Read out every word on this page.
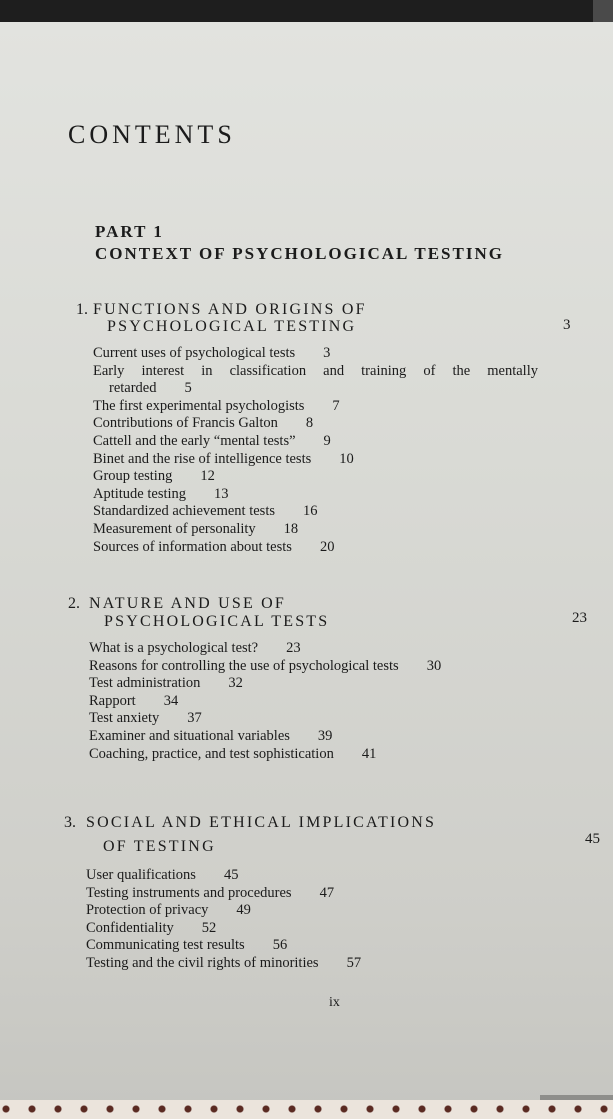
CONTENTS
PART 1
CONTEXT OF PSYCHOLOGICAL TESTING
1. FUNCTIONS AND ORIGINS OF
PSYCHOLOGICAL TESTING	3
Current uses of psychological tests 3
Early interest in classification and training of the mentally
retarded 5
The first experimental psychologists 7
Contributions of Francis Galton 8
Cattell and the early “mental tests” 9
Binet and the rise of intelligence tests 10
Group testing 12
Aptitude testing 13
Standardized achievement tests 16
Measurement of personality 18
Sources of information about tests 20
2. NATURE AND USE OF
PSYCHOLOGICAL TESTS	23
What is a psychological test? 23
Reasons for controlling the use of psychological tests 30
Test administration 32
Rapport 34
Test anxiety 37
Examiner and situational variables 39
Coaching, practice, and test sophistication 41
3. SOCIAL AND ETHICAL IMPLICATIONS
OF TESTING	45
User qualifications 45
Testing instruments and procedures 47
Protection of privacy 49
Confidentiality 52
Communicating test results 56
Testing and the civil rights of minorities 57
ix
